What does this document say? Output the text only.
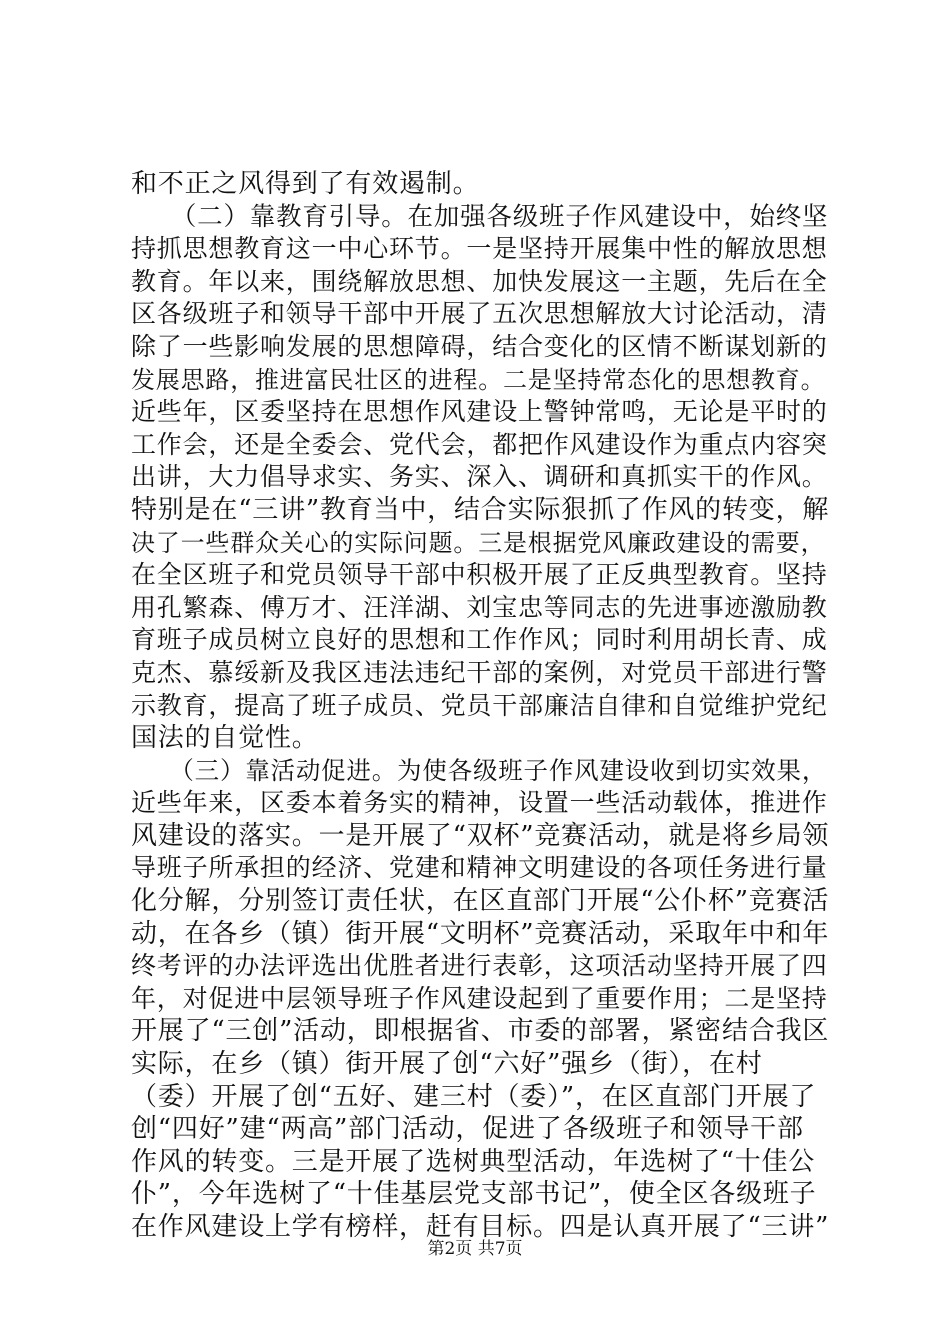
和不正之风得到了有效遏制。
　　（二）靠教育引导。在加强各级班子作风建设中，始终坚
持抓思想教育这一中心环节。一是坚持开展集中性的解放思想
教育。年以来，围绕解放思想、加快发展这一主题，先后在全
区各级班子和领导干部中开展了五次思想解放大讨论活动，清
除了一些影响发展的思想障碍，结合变化的区情不断谋划新的
发展思路，推进富民壮区的进程。二是坚持常态化的思想教育。
近些年，区委坚持在思想作风建设上警钟常鸣，无论是平时的
工作会，还是全委会、党代会，都把作风建设作为重点内容突
出讲，大力倡导求实、务实、深入、调研和真抓实干的作风。
特别是在“三讲”教育当中，结合实际狠抓了作风的转变，解
决了一些群众关心的实际问题。三是根据党风廉政建设的需要，
在全区班子和党员领导干部中积极开展了正反典型教育。坚持
用孔繁森、傅万才、汪洋湖、刘宝忠等同志的先进事迹激励教
育班子成员树立良好的思想和工作作风；同时利用胡长青、成
克杰、慕绥新及我区违法违纪干部的案例，对党员干部进行警
示教育，提高了班子成员、党员干部廉洁自律和自觉维护党纪
国法的自觉性。
　　（三）靠活动促进。为使各级班子作风建设收到切实效果，
近些年来，区委本着务实的精神，设置一些活动载体，推进作
风建设的落实。一是开展了“双杯”竞赛活动，就是将乡局领
导班子所承担的经济、党建和精神文明建设的各项任务进行量
化分解，分别签订责任状，在区直部门开展“公仆杯”竞赛活
动，在各乡（镇）街开展“文明杯”竞赛活动，采取年中和年
终考评的办法评选出优胜者进行表彰，这项活动坚持开展了四
年，对促进中层领导班子作风建设起到了重要作用；二是坚持
开展了“三创”活动，即根据省、市委的部署，紧密结合我区
实际，在乡（镇）街开展了创“六好”强乡（街），在村
（委）开展了创“五好、建三村（委）”，在区直部门开展了
创“四好”建“两高”部门活动，促进了各级班子和领导干部
作风的转变。三是开展了选树典型活动，年选树了“十佳公
仆”，今年选树了“十佳基层党支部书记”，使全区各级班子
在作风建设上学有榜样，赶有目标。四是认真开展了“三讲”
第2页 共7页
